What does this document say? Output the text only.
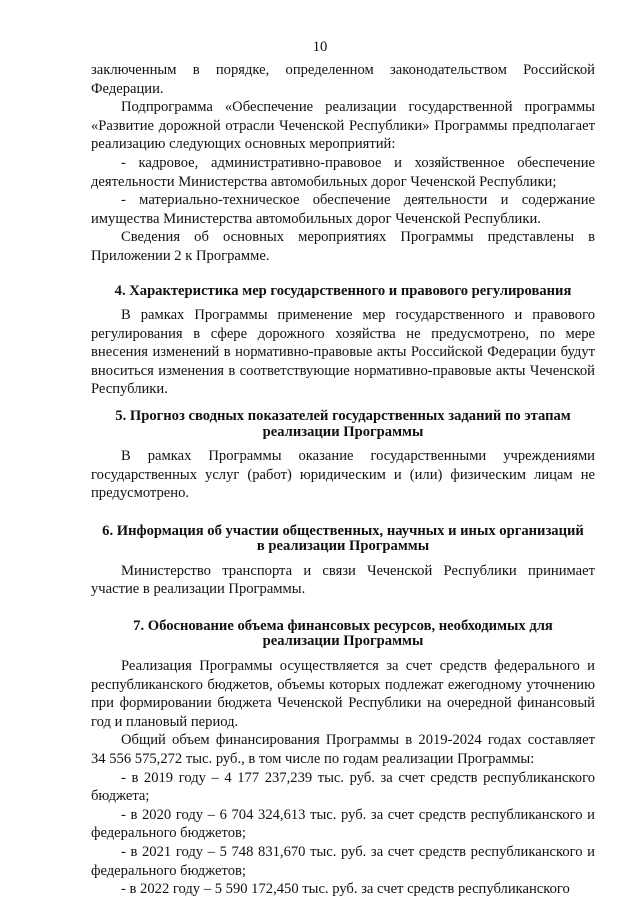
10

заключенным в порядке, определенном законодательством Российской Федерации.

Подпрограмма «Обеспечение реализации государственной программы «Развитие дорожной отрасли Чеченской Республики» Программы предполагает реализацию следующих основных мероприятий:

- кадровое, административно-правовое и хозяйственное обеспечение деятельности Министерства автомобильных дорог Чеченской Республики;

- материально-техническое обеспечение деятельности и содержание имущества Министерства автомобильных дорог Чеченской Республики.

Сведения об основных мероприятиях Программы представлены в Приложении 2 к Программе.

4. Характеристика мер государственного и правового регулирования

В рамках Программы применение мер государственного и правового регулирования в сфере дорожного хозяйства не предусмотрено, по мере внесения изменений в нормативно-правовые акты Российской Федерации будут вноситься изменения в соответствующие нормативно-правовые акты Чеченской Республики.

5. Прогноз сводных показателей государственных заданий по этапам
реализации Программы

В рамках Программы оказание государственными учреждениями государственных услуг (работ) юридическим и (или) физическим лицам не предусмотрено.

6. Информация об участии общественных, научных и иных организаций
в реализации Программы

Министерство транспорта и связи Чеченской Республики принимает участие в реализации Программы.

7. Обоснование объема финансовых ресурсов, необходимых для
реализации Программы

Реализация Программы осуществляется за счет средств федерального и республиканского бюджетов, объемы которых подлежат ежегодному уточнению при формировании бюджета Чеченской Республики на очередной финансовый год и плановый период.

Общий объем финансирования Программы в 2019-2024 годах составляет 34 556 575,272 тыс. руб., в том числе по годам реализации Программы:

- в 2019 году – 4 177 237,239 тыс. руб. за счет средств республиканского бюджета;

- в 2020 году – 6 704 324,613 тыс. руб. за счет средств республиканского и федерального бюджетов;

- в 2021 году – 5 748 831,670 тыс. руб. за счет средств республиканского и федерального бюджетов;

- в 2022 году – 5 590 172,450 тыс. руб. за счет средств республиканского
